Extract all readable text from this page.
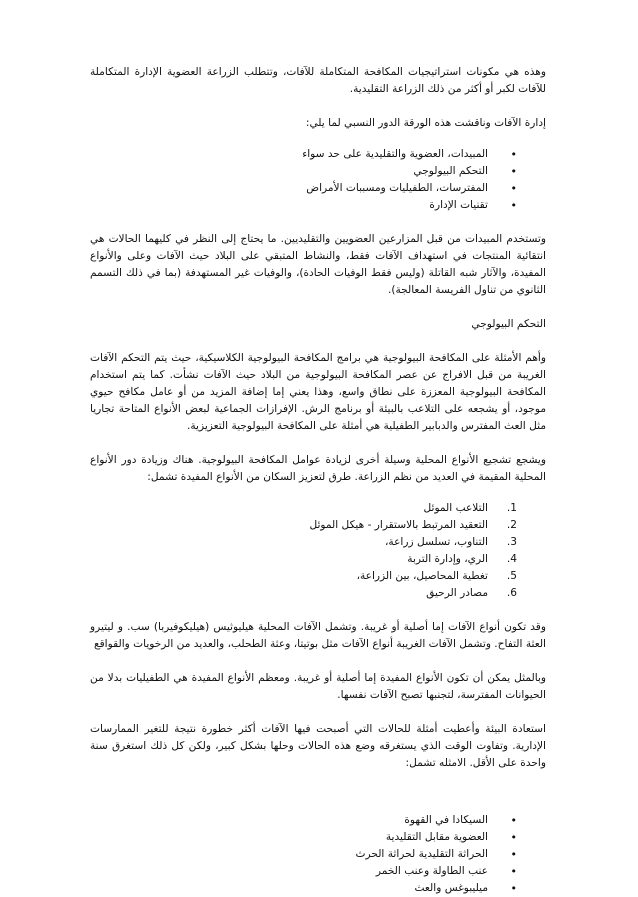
وهذه هي مكونات استراتيجيات المكافحة المتكاملة للآفات، وتتطلب الزراعة العضوية الإدارة المتكاملة للآفات لكبر أو أكثر من ذلك الزراعة التقليدية.

إدارة الآفات وناقشت هذه الورقة الدور النسبي لما يلي:

• المبيدات، العضوية والتقليدية على حد سواء
• التحكم البيولوجي
• المفترسات، الطفيليات ومسببات الأمراض
• تقنيات الإدارة

وتستخدم المبيدات من قبل المزارعين العضويين والتقليديين. ما يحتاج إلى النظر في كليهما الحالات هي انتقائية المنتجات في استهداف الآفات فقط، والنشاط المتبقي على البلاد حيث الآفات وعلى والأنواع المفيدة، والآثار شبه القاتلة (وليس فقط الوفيات الحادة)، والوفيات غير المستهدفة (بما في ذلك التسمم الثانوي من تناول الفريسة المعالجة).

التحكم البيولوجي

وأهم الأمثلة على المكافحة البيولوجية هي برامج المكافحة البيولوجية الكلاسيكية، حيث يتم التحكم الآفات الغريبة من قبل الافراج عن عصر المكافحة البيولوجية من البلاد حيث الآفات نشأت. كما يتم استخدام المكافحة البيولوجية المعززة على نطاق واسع، وهذا يعني إما إضافة المزيد من أو عامل مكافح حيوي موجود، أو يشجعه على التلاعب بالبيئة أو برنامج الرش. الإفرازات الجماعية لبعض الأنواع المتاحة تجاريا مثل العث المفترس والدبابير الطفيلية هي أمثلة على المكافحة البيولوجية التعزيزية.

ويشجع تشجيع الأنواع المحلية وسيلة أخرى لزيادة عوامل المكافحة البيولوجية. هناك وزيادة دور الأنواع المحلية المقيمة في العديد من نظم الزراعة. طرق لتعزيز السكان من الأنواع المفيدة تشمل:

1.
التلاعب الموئل
2.
التعقيد المرتبط بالاستقرار - هيكل الموئل
3.
التناوب، تسلسل زراعة،
4.
الري، وإدارة التربة
5.
تغطية المحاصيل، بين الزراعة،
6.
مصادر الرحيق

وقد تكون أنواع الآفات إما أصلية أو غريبة. وتشمل الآفات المحلية هيليوثيس (هيليكوفيربا) سب. و ليتيرو العثة التفاح. وتشمل الآفات الغريبة أنواع الآفات مثل بوتيتا، وعثة الطحلب، والعديد من الرخويات والقواقع

وبالمثل يمكن أن تكون الأنواع المفيدة إما أصلية أو غريبة. ومعظم الأنواع المفيدة هي الطفيليات بدلا من الحيوانات المفترسة، لتجنبها تصبح الآفات نفسها.

استعادة البيئة وأعطيت أمثلة للحالات التي أصبحت فيها الآفات أكثر خطورة نتيجة للتغير الممارسات الإدارية. وتفاوت الوقت الذي يستغرقه وضع هذه الحالات وحلها بشكل كبير، ولكن كل ذلك استغرق سنة واحدة على الأقل. الامثله تشمل:

• السيكادا في القهوة
• العضوية مقابل التقليدية
• الحراثة التقليدية لحراثة الحرث
• عنب الطاولة وعنب الخمر
• ميليبوغس والعث
